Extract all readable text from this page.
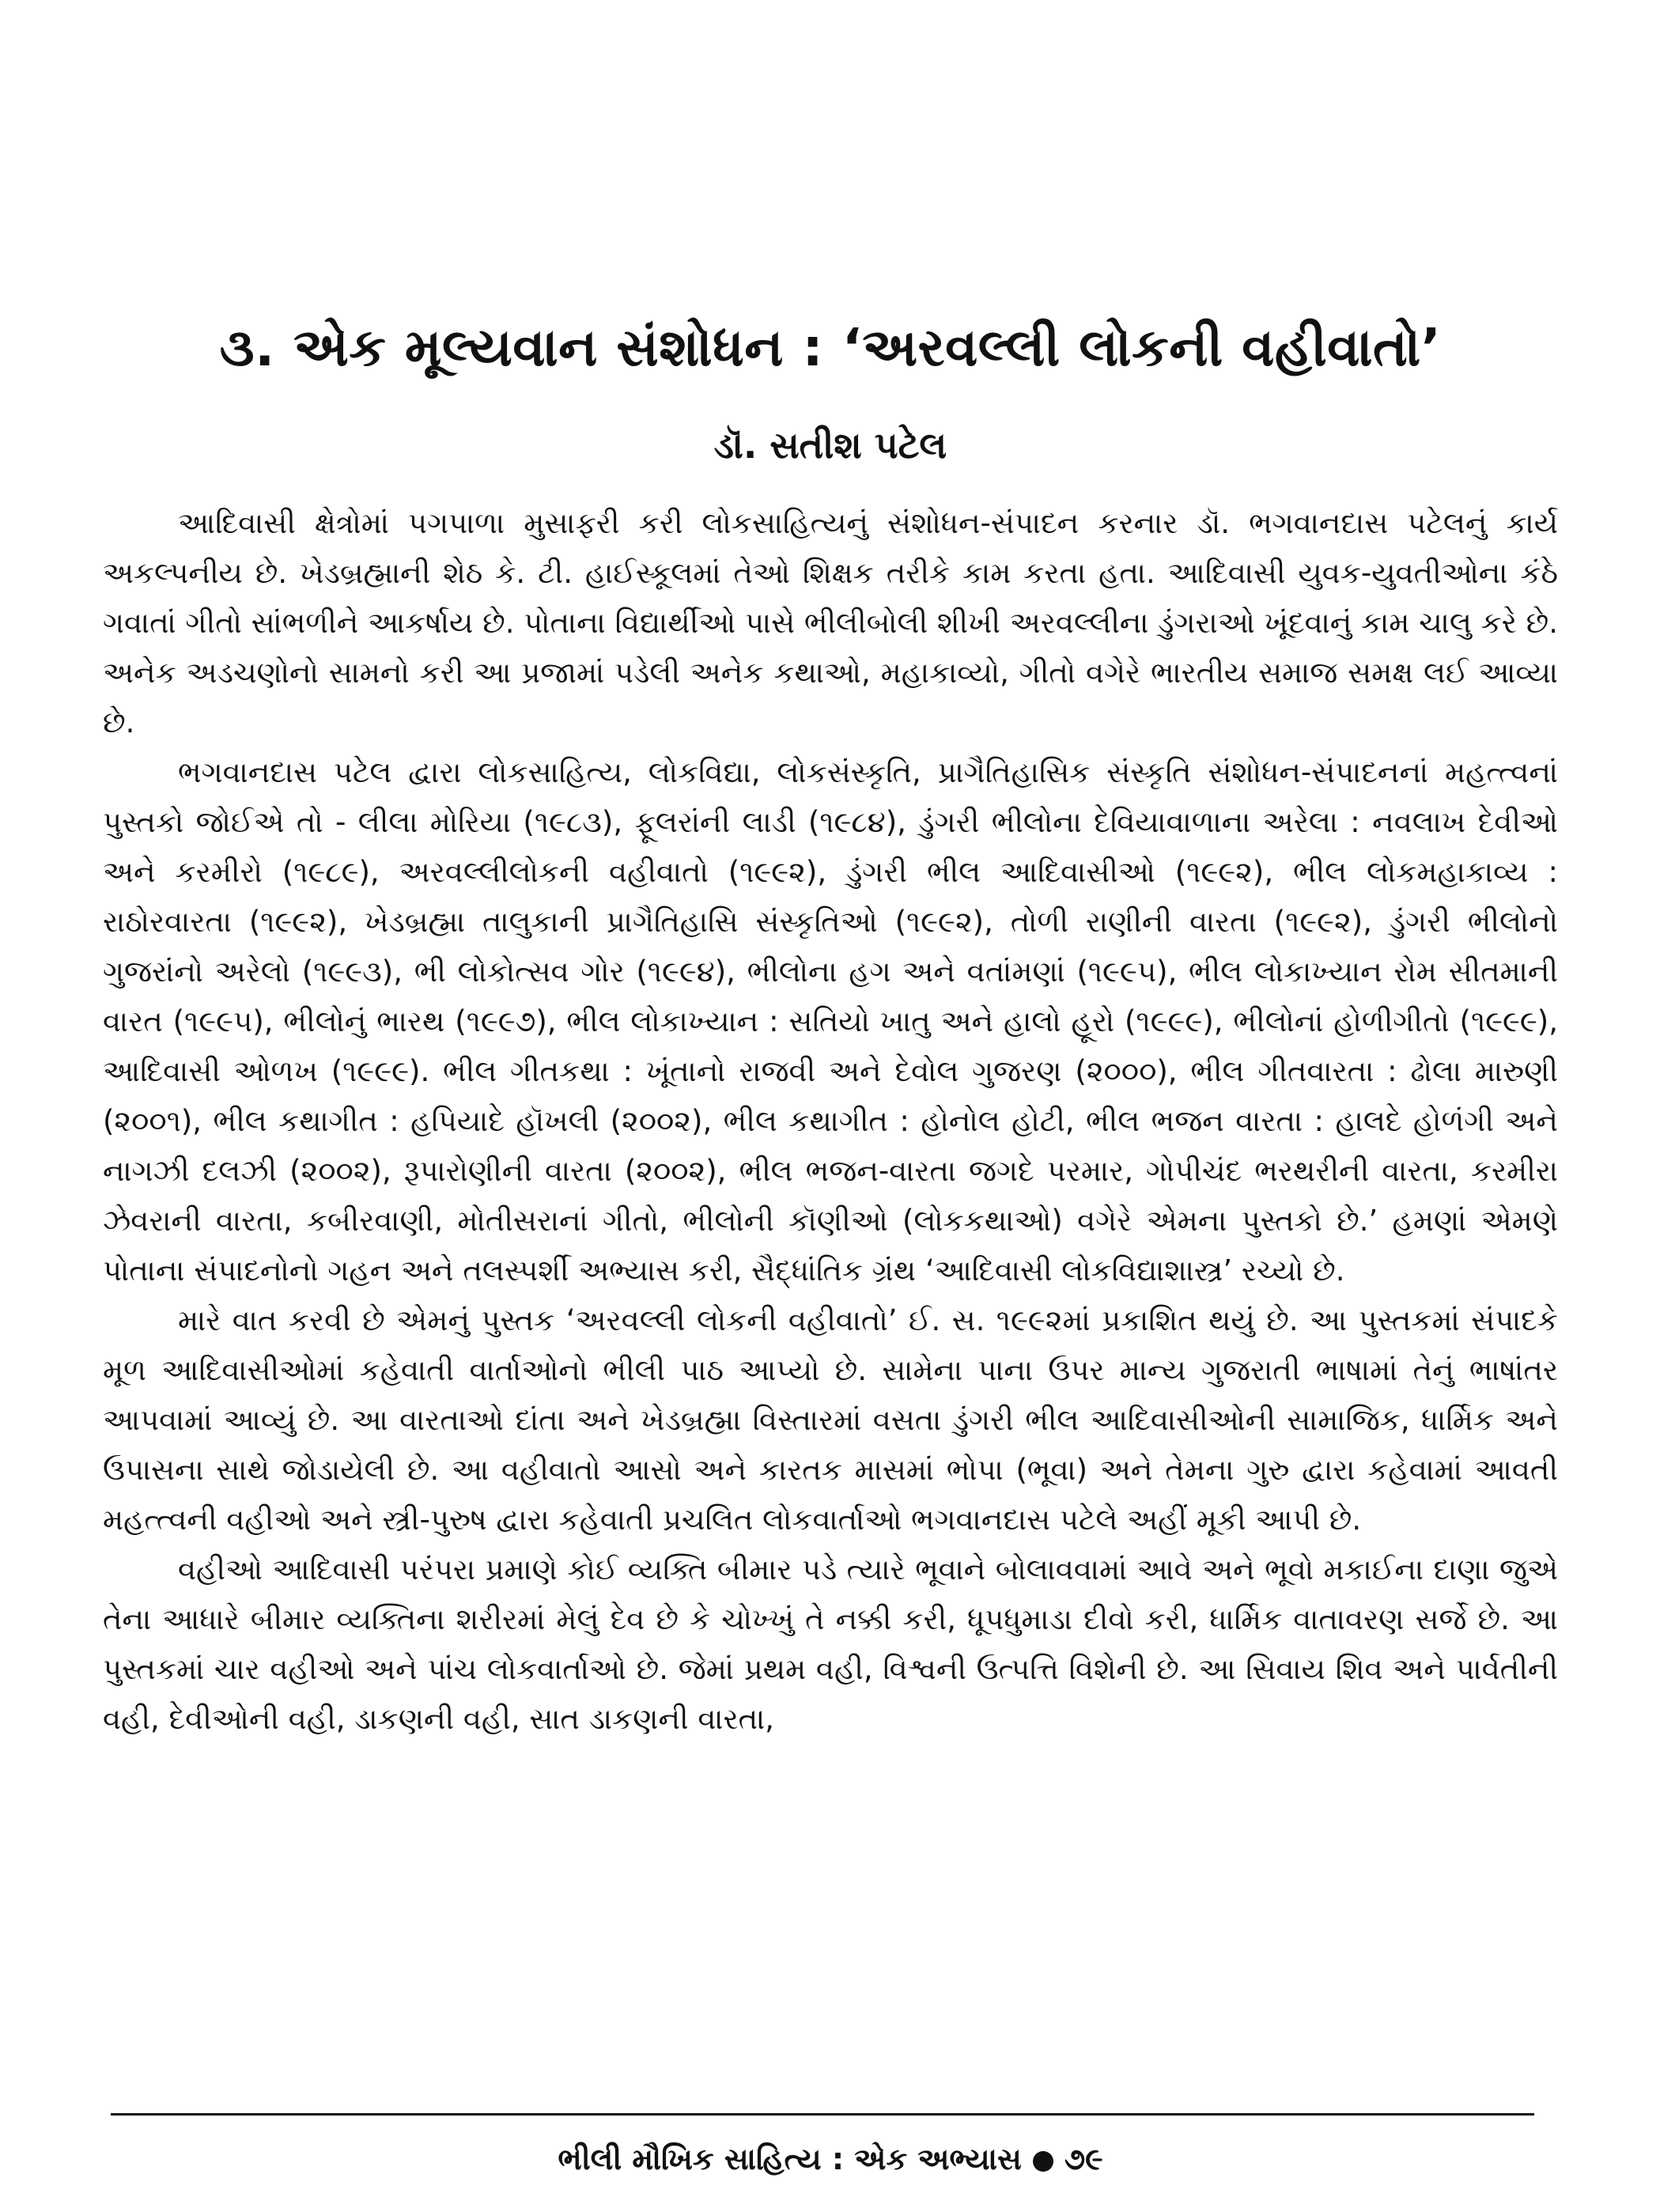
૩. એક મૂલ્યવાન સંશોધન : ‘અરવલ્લી લોકની વહીવાતો’
ડૉ. સતીશ પટેલ

આદિવાસી ક્ષેત્રોમાં પગપાળા મુસાફરી કરી લોકસાહિત્યનું સંશોધન-સંપાદન કરનાર ડૉ. ભગવાનદાસ પટેલનું કાર્ય અકલ્પનીય છે. ખેડબ્રહ્માની શેઠ કે. ટી. હાઈસ્કૂલમાં તેઓ શિક્ષક તરીકે કામ કરતા હતા. આદિવાસી યુવક-યુવતીઓના કંઠે ગવાતાં ગીતો સાંભળીને આકર્ષાય છે. પોતાના વિદ્યાર્થીઓ પાસે ભીલીબોલી શીખી અરવલ્લીના ડુંગરાઓ ખૂંદવાનું કામ ચાલુ કરે છે. અનેક અડચણોનો સામનો કરી આ પ્રજામાં પડેલી અનેક કથાઓ, મહાકાવ્યો, ગીતો વગેરે ભારતીય સમાજ સમક્ષ લઈ આવ્યા છે.

ભગવાનદાસ પટેલ દ્વારા લોકસાહિત્ય, લોકવિદ્યા, લોકસંસ્કૃતિ, પ્રાગૈતિહાસિક સંસ્કૃતિ સંશોધન-સંપાદનનાં મહત્ત્વનાં પુસ્તકો જોઈએ તો - લીલા મોરિયા (૧૯૮૩), ફૂલરાંની લાડી (૧૯૮૪), ડુંગરી ભીલોના દેવિયાવાળાના અરેલા : નવલાખ દેવીઓ અને કરમીરો (૧૯૮૯), અરવલ્લીલોકની વહીવાતો (૧૯૯૨), ડુંગરી ભીલ આદિવાસીઓ (૧૯૯૨), ભીલ લોકમહાકાવ્ય : રાઠોરવારતા (૧૯૯૨), ખેડબ્રહ્મા તાલુકાની પ્રાગૈતિહાસિ સંસ્કૃતિઓ (૧૯૯૨), તોળી રાણીની વારતા (૧૯૯૨), ડુંગરી ભીલોનો ગુજરાંનો અરેલો (૧૯૯૩), ભી લોકોત્સવ ગોર (૧૯૯૪), ભીલોના હગ અને વતાંમણાં (૧૯૯૫), ભીલ લોકાખ્યાન રોમ સીતમાની વારત (૧૯૯૫), ભીલોનું ભારથ (૧૯૯૭), ભીલ લોકાખ્યાન : સતિયો ખાતુ અને હાલો હૂરો (૧૯૯૯), ભીલોનાં હોળીગીતો (૧૯૯૯), આદિવાસી ઓળખ (૧૯૯૯). ભીલ ગીતકથા : ખૂંતાનો રાજવી અને દેવોલ ગુજરણ (૨૦૦૦), ભીલ ગીતવારતા : ઢોલા મારુણી (૨૦૦૧), ભીલ કથાગીત : હપિયાદે હૉખલી (૨૦૦૨), ભીલ કથાગીત : હોનોલ હોટી, ભીલ ભજન વારતા : હાલદે હોળંગી અને નાગઝી દલઝી (૨૦૦૨), રૂપારોણીની વારતા (૨૦૦૨), ભીલ ભજન-વારતા જગદે પરમાર, ગોપીચંદ ભરથરીની વારતા, કરમીરા ઝેવરાની વારતા, કબીરવાણી, મોતીસરાનાં ગીતો, ભીલોની કૉણીઓ (લોકકથાઓ) વગેરે એમના પુસ્તકો છે.’ હમણાં એમણે પોતાના સંપાદનોનો ગહન અને તલસ્પર્શી અભ્યાસ કરી, સૈદ્ધાંતિક ગ્રંથ ‘આદિવાસી લોકવિદ્યાશાસ્ત્ર’ રચ્યો છે.

મારે વાત કરવી છે એમનું પુસ્તક ‘અરવલ્લી લોકની વહીવાતો’ ઈ. સ. ૧૯૯૨માં પ્રકાશિત થયું છે. આ પુસ્તકમાં સંપાદકે મૂળ આદિવાસીઓમાં કહેવાતી વાર્તાઓનો ભીલી પાઠ આપ્યો છે. સામેના પાના ઉપર માન્ય ગુજરાતી ભાષામાં તેનું ભાષાંતર આપવામાં આવ્યું છે. આ વારતાઓ દાંતા અને ખેડબ્રહ્મા વિસ્તારમાં વસતા ડુંગરી ભીલ આદિવાસીઓની સામાજિક, ધાર્મિક અને ઉપાસના સાથે જોડાયેલી છે. આ વહીવાતો આસો અને કારતક માસમાં ભોપા (ભૂવા) અને તેમના ગુરુ દ્વારા કહેવામાં આવતી મહત્ત્વની વહીઓ અને સ્ત્રી-પુરુષ દ્વારા કહેવાતી પ્રચલિત લોકવાર્તાઓ ભગવાનદાસ પટેલે અહીં મૂકી આપી છે.

વહીઓ આદિવાસી પરંપરા પ્રમાણે કોઈ વ્યક્તિ બીમાર પડે ત્યારે ભૂવાને બોલાવવામાં આવે અને ભૂવો મકાઈના દાણા જુએ તેના આધારે બીમાર વ્યક્તિના શરીરમાં મેલું દેવ છે કે ચોખ્ખું તે નક્કી કરી, ધૂપધુમાડા દીવો કરી, ધાર્મિક વાતાવરણ સર્જે છે. આ પુસ્તકમાં ચાર વહીઓ અને પાંચ લોકવાર્તાઓ છે. જેમાં પ્રથમ વહી, વિશ્વની ઉત્પત્તિ વિશેની છે. આ સિવાય શિવ અને પાર્વતીની વહી, દેવીઓની વહી, ડાકણની વહી, સાત ડાકણની વારતા,

ભીલી મૌખિક સાહિત્ય : એક અભ્યાસ ૭૯
